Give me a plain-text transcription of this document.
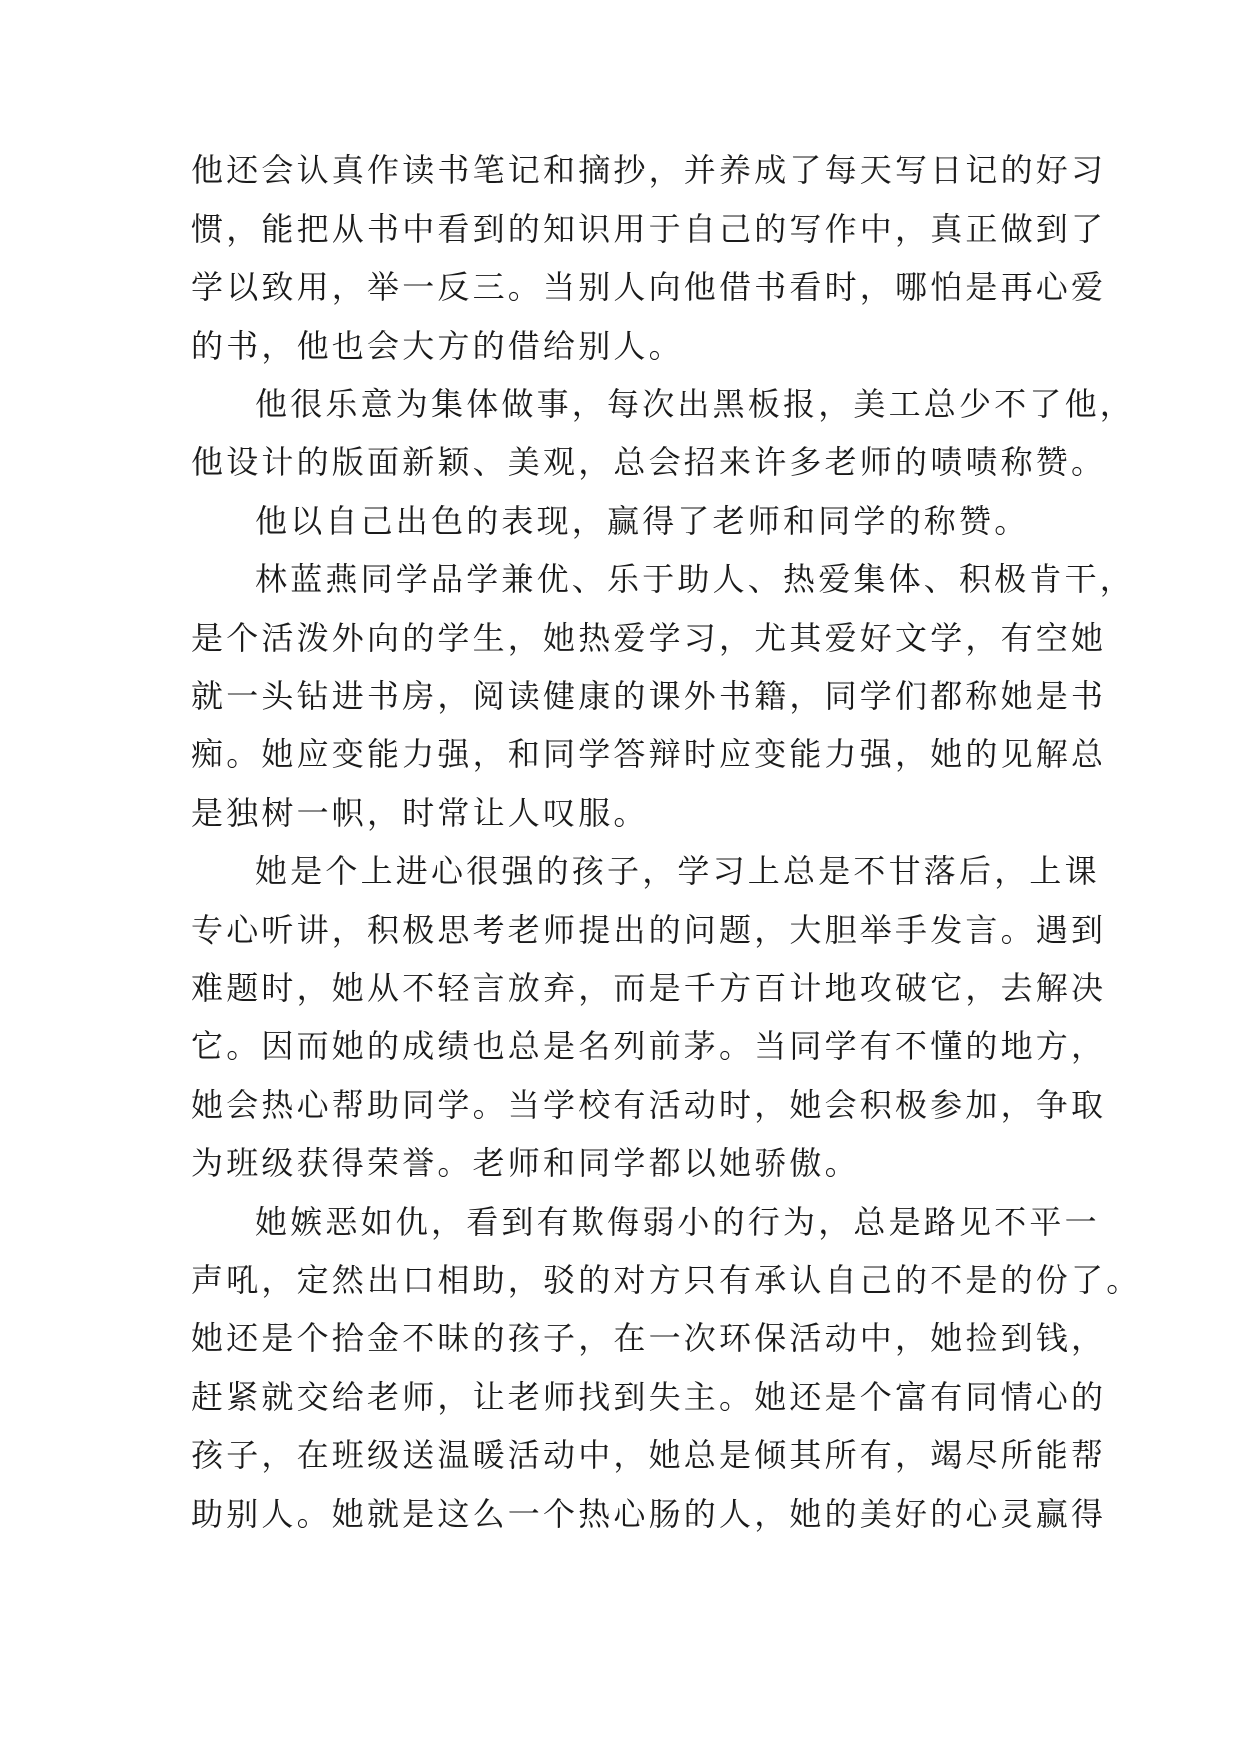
他还会认真作读书笔记和摘抄，并养成了每天写日记的好习
惯，能把从书中看到的知识用于自己的写作中，真正做到了
学以致用，举一反三。当别人向他借书看时，哪怕是再心爱
的书，他也会大方的借给别人。
他很乐意为集体做事，每次出黑板报，美工总少不了他，
他设计的版面新颖、美观，总会招来许多老师的啧啧称赞。
他以自己出色的表现，赢得了老师和同学的称赞。
林蓝燕同学品学兼优、乐于助人、热爱集体、积极肯干，
是个活泼外向的学生，她热爱学习，尤其爱好文学，有空她
就一头钻进书房，阅读健康的课外书籍，同学们都称她是书
痴。她应变能力强，和同学答辩时应变能力强，她的见解总
是独树一帜，时常让人叹服。
她是个上进心很强的孩子，学习上总是不甘落后，上课
专心听讲，积极思考老师提出的问题，大胆举手发言。遇到
难题时，她从不轻言放弃，而是千方百计地攻破它，去解决
它。因而她的成绩也总是名列前茅。当同学有不懂的地方，
她会热心帮助同学。当学校有活动时，她会积极参加，争取
为班级获得荣誉。老师和同学都以她骄傲。
她嫉恶如仇，看到有欺侮弱小的行为，总是路见不平一
声吼，定然出口相助，驳的对方只有承认自己的不是的份了。
她还是个拾金不昧的孩子，在一次环保活动中，她捡到钱，
赶紧就交给老师，让老师找到失主。她还是个富有同情心的
孩子，在班级送温暖活动中，她总是倾其所有，竭尽所能帮
助别人。她就是这么一个热心肠的人，她的美好的心灵赢得
